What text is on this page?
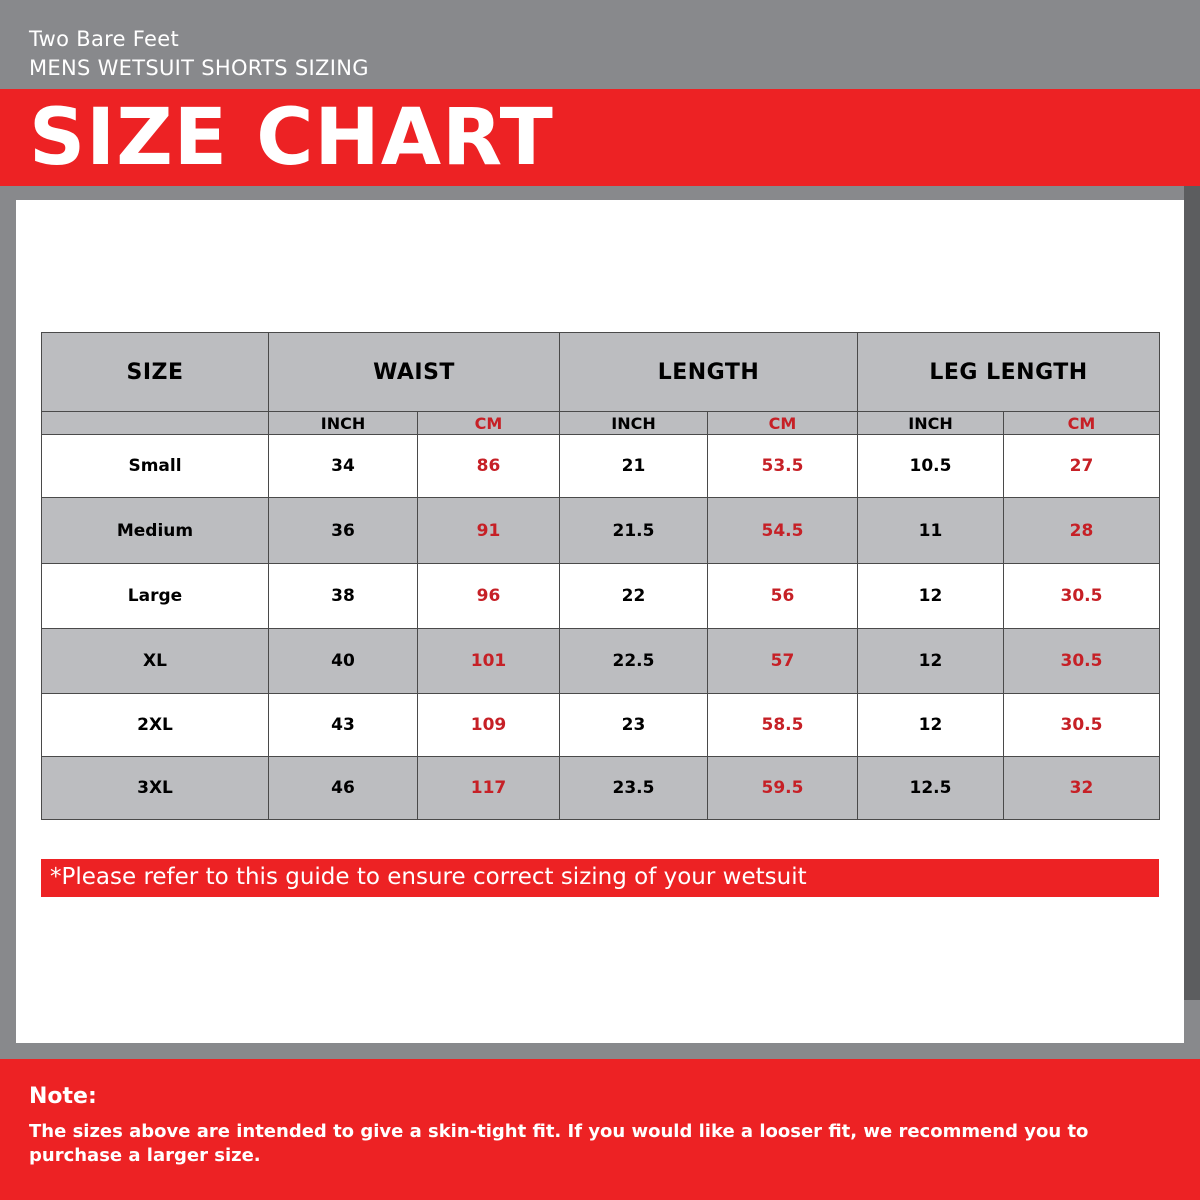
Two Bare Feet
MENS WETSUIT SHORTS SIZING
SIZE CHART
SIZE	WAIST		LENGTH		LEG LENGTH	
	INCH	CM	INCH	CM	INCH	CM
Small	34	86	21	53.5	10.5	27
Medium	36	91	21.5	54.5	11	28
Large	38	96	22	56	12	30.5
XL	40	101	22.5	57	12	30.5
2XL	43	109	23	58.5	12	30.5
3XL	46	117	23.5	59.5	12.5	32
*Please refer to this guide to ensure correct sizing of your wetsuit
Note:
The sizes above are intended to give a skin-tight fit. If you would like a looser fit, we recommend you to purchase a larger size.
